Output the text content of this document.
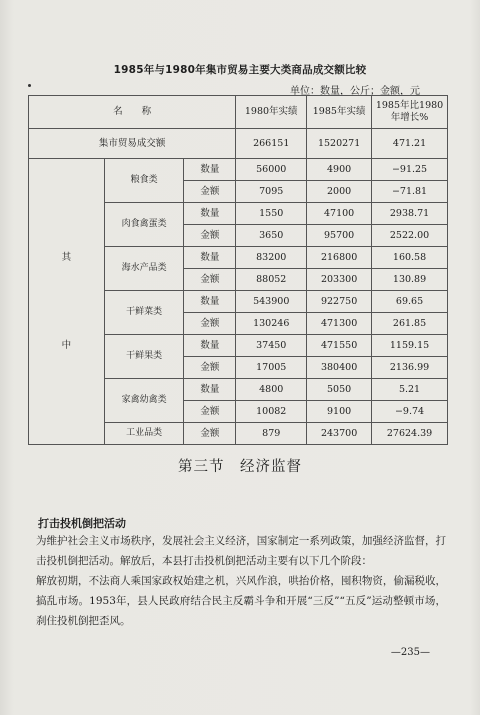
1985年与1980年集市贸易主要大类商品成交额比较
单位：数量，公斤；金额，元
名　　称			1980年实绩	1985年实绩	1985年比1980年增长%
集市贸易成交额			266151	1520271	471.21

其
中	粮食类	数量	56000	4900	−91.25
		金额	7095	2000	−71.81
	肉食禽蛋类	数量	1550	47100	2938.71
		金额	3650	95700	2522.00
	海水产品类	数量	83200	216800	160.58
		金额	88052	203300	130.89
	干鲜菜类	数量	543900	922750	69.65
		金额	130246	471300	261.85
	干鲜果类	数量	37450	471550	1159.15
		金额	17005	380400	2136.99
	家禽幼禽类	数量	4800	5050	5.21
		金额	10082	9100	−9.74
	工业品类	金额	879	243700	27624.39
第三节　经济监督
打击投机倒把活动
为维护社会主义市场秩序，发展社会主义经济，国家制定一系列政策，加强经济监督，打击投机倒把活动。解放后，本县打击投机倒把活动主要有以下几个阶段：
解放初期，不法商人乘国家政权始建之机，兴风作浪，哄抬价格，囤积物资，偷漏税收，搞乱市场。1953年，县人民政府结合民主反霸斗争和开展“三反”“五反”运动整顿市场，刹住投机倒把歪风。
—235—
